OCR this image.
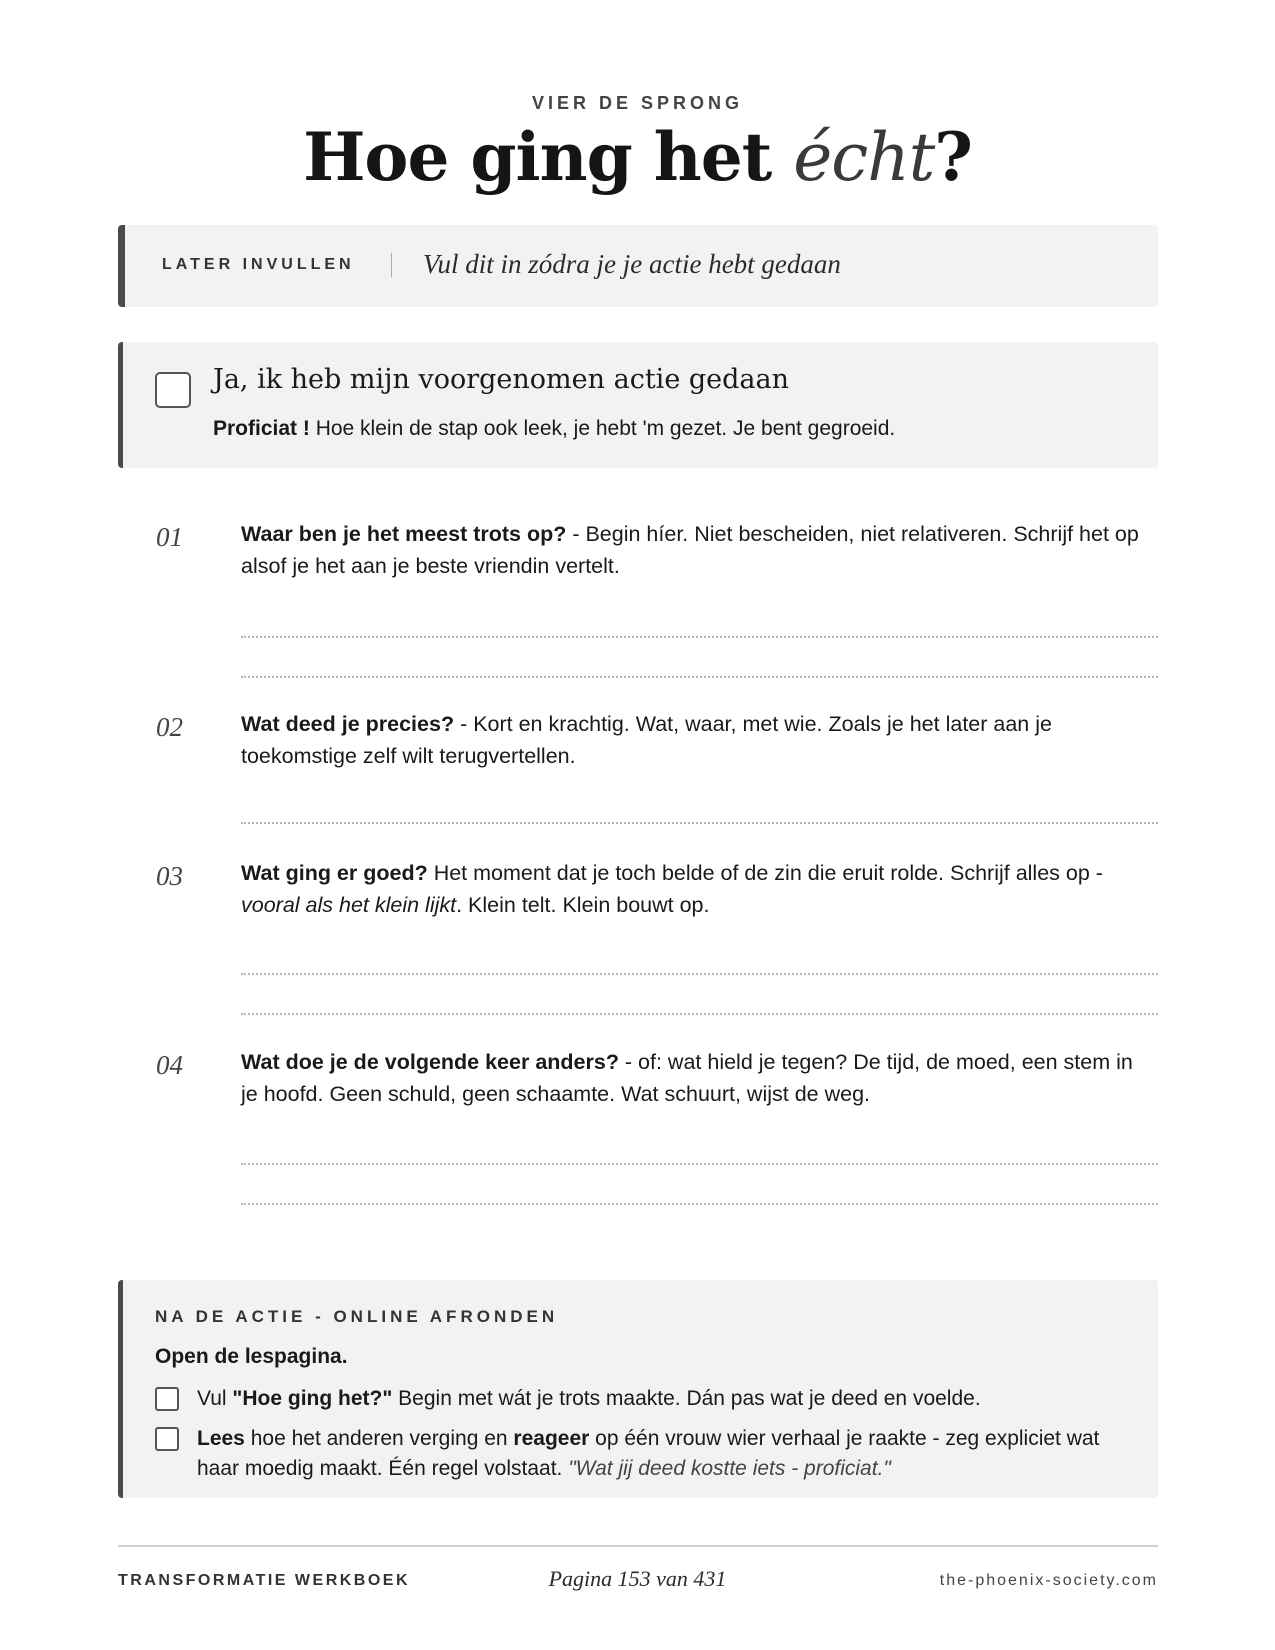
VIER DE SPRONG
Hoe ging het écht?
LATER INVULLEN	Vul dit in zódra je je actie hebt gedaan
Ja, ik heb mijn voorgenomen actie gedaan
Proficiat ! Hoe klein de stap ook leek, je hebt 'm gezet. Je bent gegroeid.
01	Waar ben je het meest trots op? - Begin híer. Niet bescheiden, niet relativeren. Schrijf het op alsof je het aan je beste vriendin vertelt.
02	Wat deed je precies? - Kort en krachtig. Wat, waar, met wie. Zoals je het later aan je toekomstige zelf wilt terugvertellen.
03	Wat ging er goed? Het moment dat je toch belde of de zin die eruit rolde. Schrijf alles op - vooral als het klein lijkt. Klein telt. Klein bouwt op.
04	Wat doe je de volgende keer anders? - of: wat hield je tegen? De tijd, de moed, een stem in je hoofd. Geen schuld, geen schaamte. Wat schuurt, wijst de weg.
NA DE ACTIE - ONLINE AFRONDEN
Open de lespagina.
Vul "Hoe ging het?" Begin met wát je trots maakte. Dán pas wat je deed en voelde.
Lees hoe het anderen verging en reageer op één vrouw wier verhaal je raakte - zeg expliciet wat haar moedig maakt. Één regel volstaat. "Wat jij deed kostte iets - proficiat."
TRANSFORMATIE WERKBOEK	Pagina 153 van 431	the-phoenix-society.com
